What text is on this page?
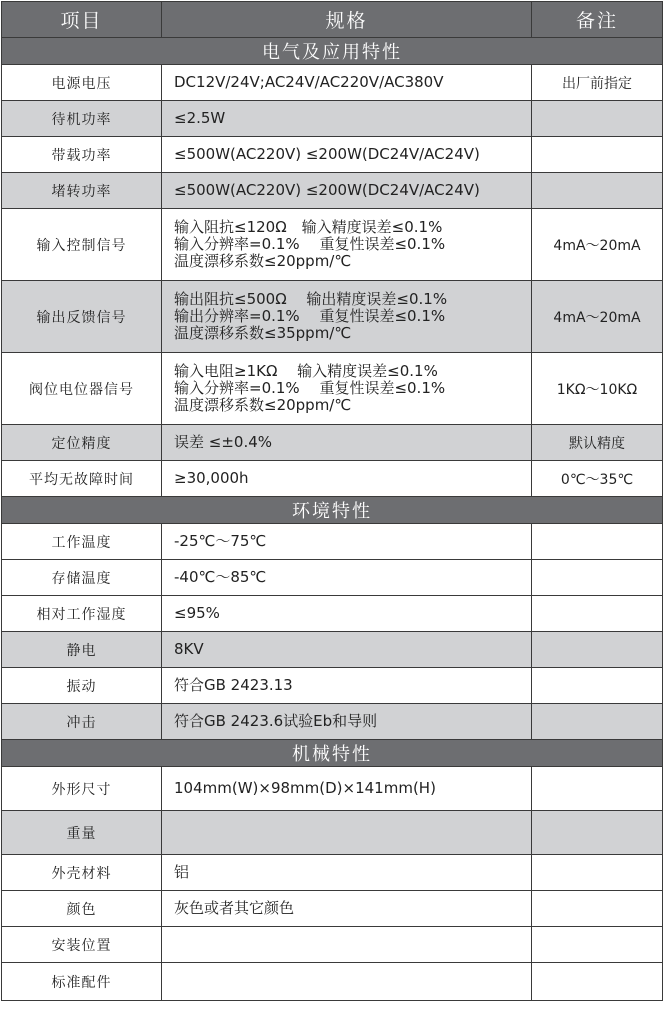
项目	规格	备注
电气及应用特性		
电源电压	DC12V/24V;AC24V/AC220V/AC380V	出厂前指定
待机功率	≤2.5W	

带载功率	≤500W(AC220V) ≤200W(DC24V/AC24V)	

堵转功率	≤500W(AC220V) ≤200W(DC24V/AC24V)	

输入控制信号	输入阻抗≤120Ω　输入精度误差≤0.1%
输入分辨率=0.1%　 重复性误差≤0.1%
温度漂移系数≤20ppm/℃	4mA～20mA
输出反馈信号	输出阻抗≤500Ω　 输出精度误差≤0.1%
输出分辨率=0.1%　 重复性误差≤0.1%
温度漂移系数≤35ppm/℃	4mA～20mA
阀位电位器信号	输入电阻≥1KΩ　 输入精度误差≤0.1%
输入分辨率=0.1%　 重复性误差≤0.1%
温度漂移系数≤20ppm/℃	1KΩ～10KΩ
定位精度	误差 ≤±0.4%	默认精度
平均无故障时间	≥30,000h	0℃～35℃
环境特性		
工作温度	-25℃～75℃	

存储温度	-40℃～85℃	

相对工作湿度	≤95%	

静电	8KV	

振动	符合GB 2423.13	

冲击	符合GB 2423.6试验Eb和导则	

机械特性		
外形尺寸	104mm(W)×98mm(D)×141mm(H)	

重量	

外壳材料	铝	

颜色	灰色或者其它颜色	

安装位置	

标准配件	
